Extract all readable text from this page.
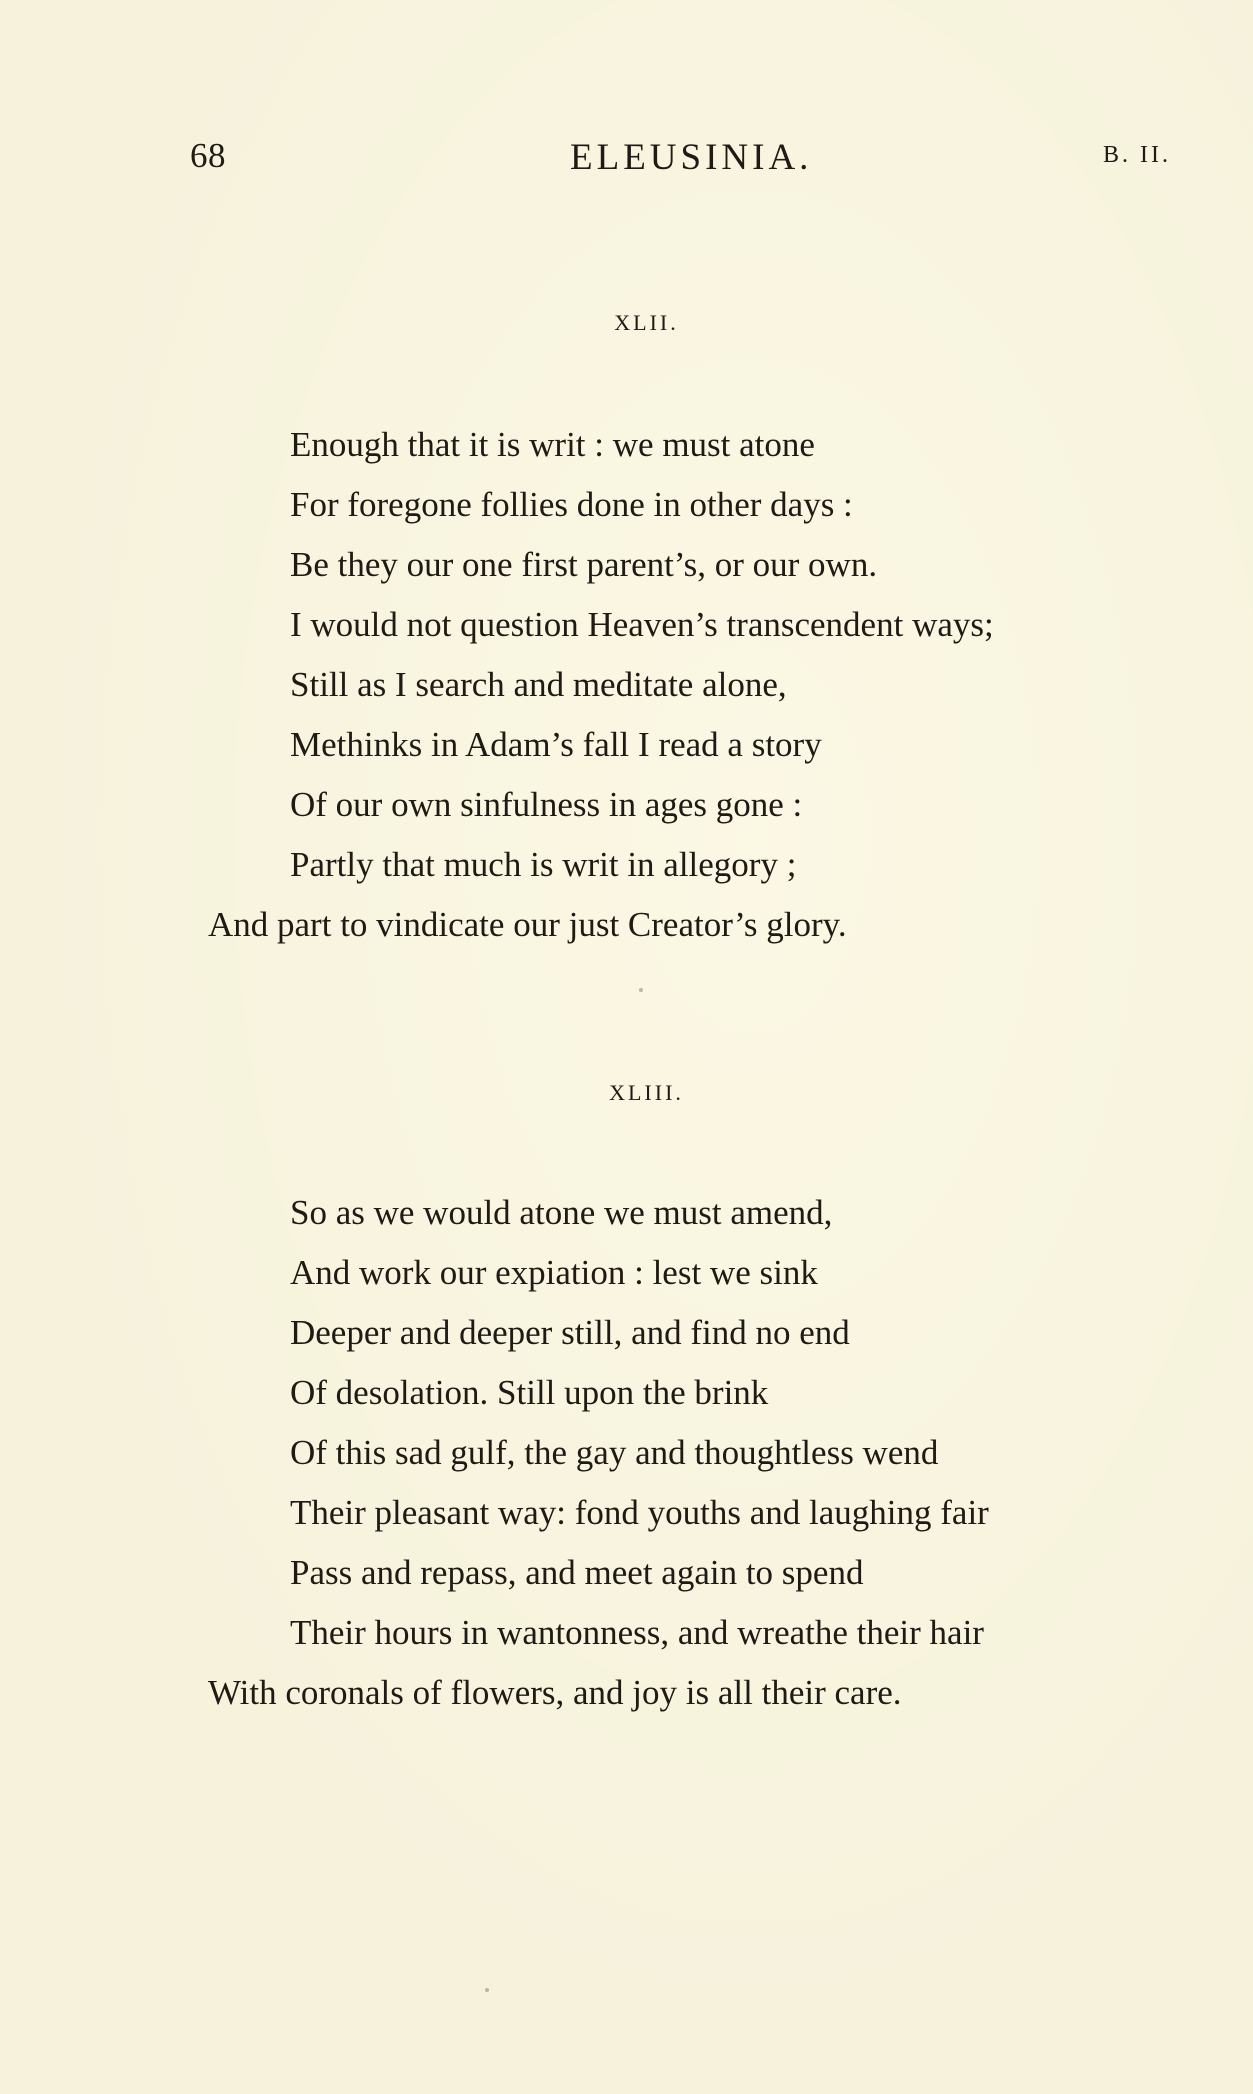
68	ELEUSINIA.	B. II.
XLII.
Enough that it is writ : we must atone
For foregone follies done in other days :
Be they our one first parent’s, or our own.
I would not question Heaven’s transcendent ways;
Still as I search and meditate alone,
Methinks in Adam’s fall I read a story
Of our own sinfulness in ages gone :
Partly that much is writ in allegory ;
And part to vindicate our just Creator’s glory.
XLIII.
So as we would atone we must amend,
And work our expiation : lest we sink
Deeper and deeper still, and find no end
Of desolation. Still upon the brink
Of this sad gulf, the gay and thoughtless wend
Their pleasant way: fond youths and laughing fair
Pass and repass, and meet again to spend
Their hours in wantonness, and wreathe their hair
With coronals of flowers, and joy is all their care.
